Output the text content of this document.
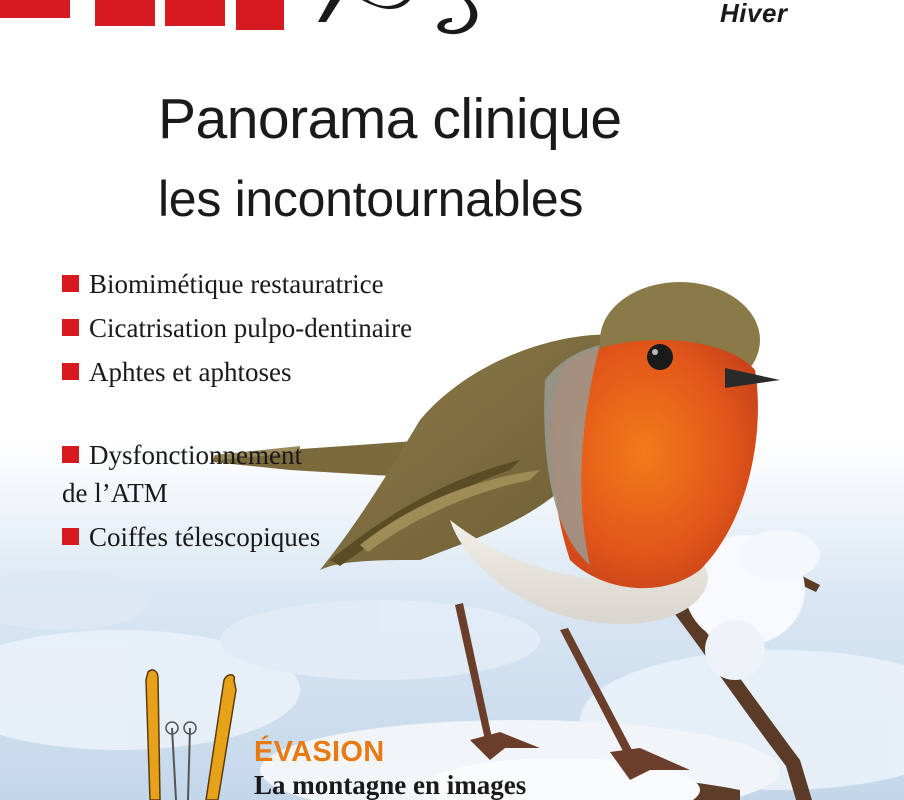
Hiver
Panorama clinique
les incontournables
Biomimétique restauratrice
Cicatrisation pulpo-dentinaire
Aphtes et aphtoses

Dysfonctionnement
de l’ATM

Coiffes télescopiques
ÉVASION
La montagne en images
